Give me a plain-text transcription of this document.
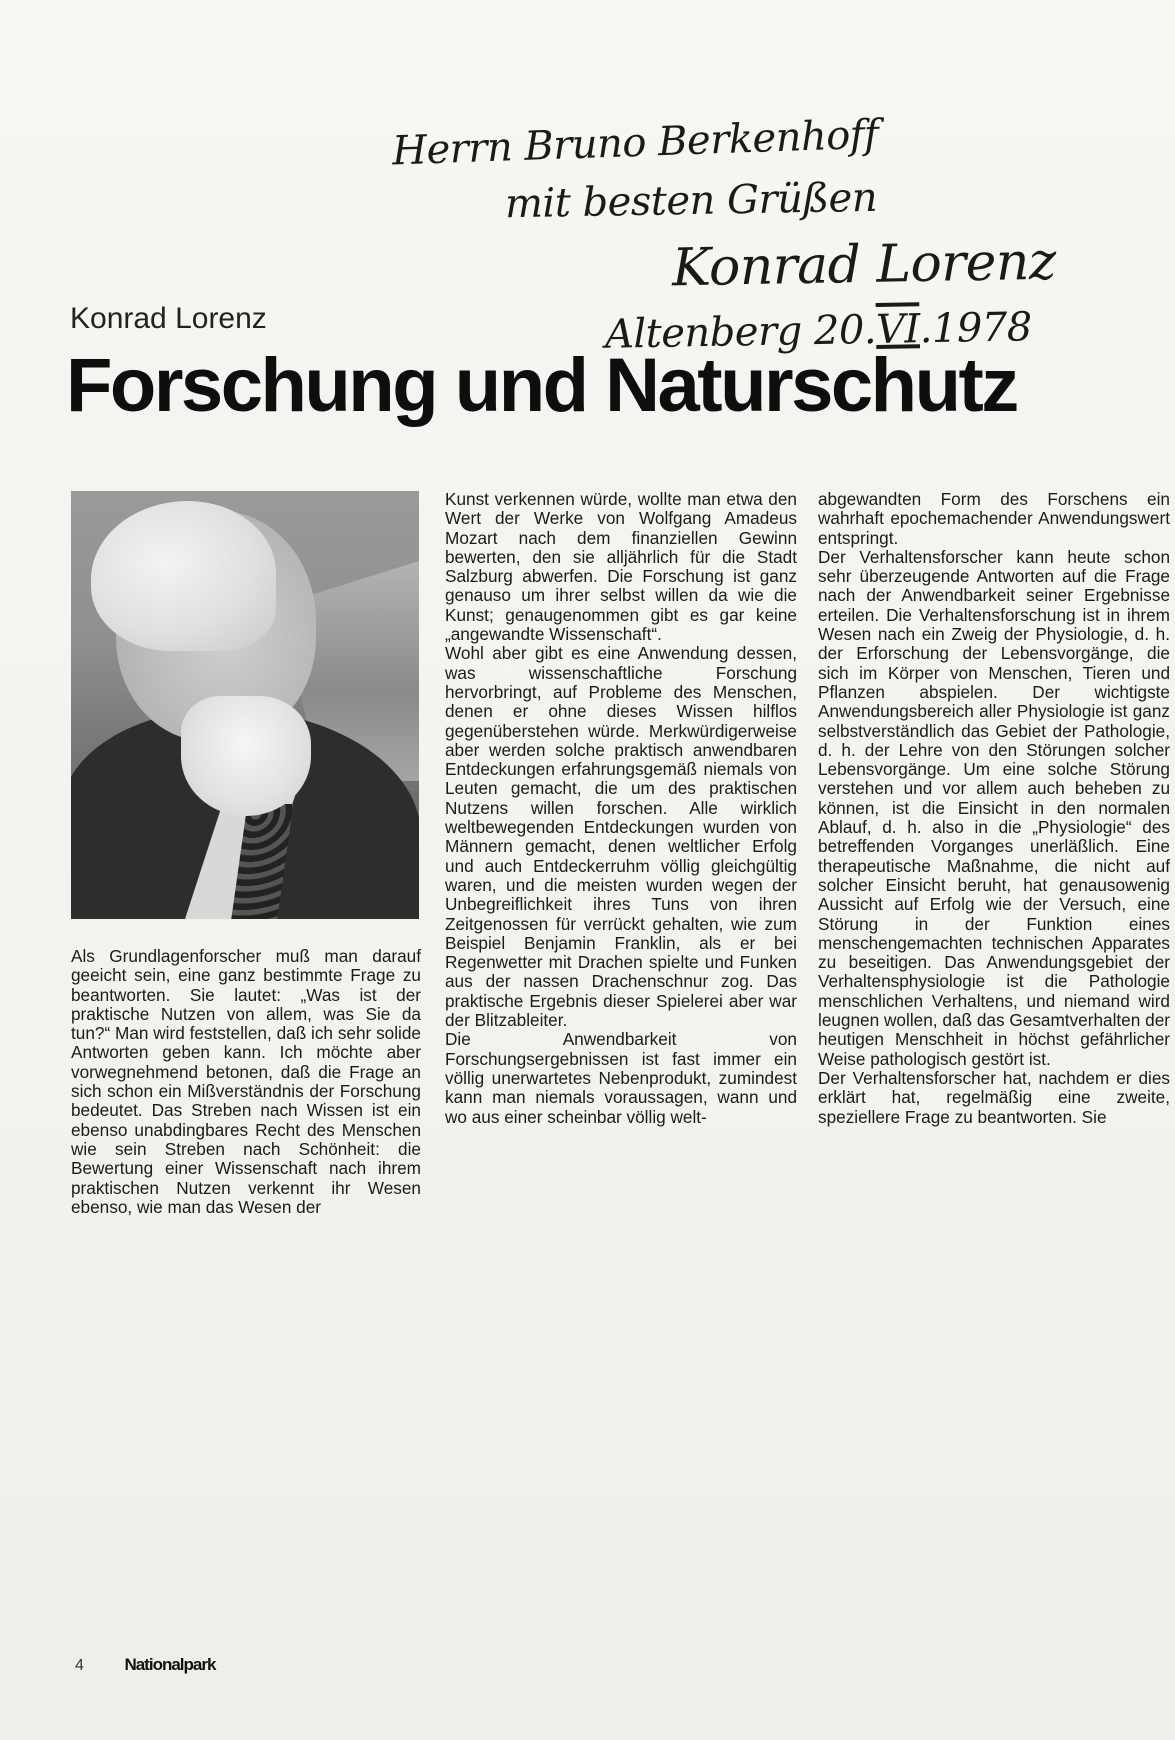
Herrn Bruno Berkenhoff
mit besten Grüßen
Konrad Lorenz
Altenberg 20.VI.1978
Konrad Lorenz
Forschung und Naturschutz

Als Grundlagenforscher muß man darauf geeicht sein, eine ganz bestimmte Frage zu beantworten. Sie lautet: „Was ist der praktische Nutzen von allem, was Sie da tun?“ Man wird feststellen, daß ich sehr solide Antworten geben kann. Ich möchte aber vorwegnehmend betonen, daß die Frage an sich schon ein Mißverständnis der Forschung bedeutet. Das Streben nach Wissen ist ein ebenso unabdingbares Recht des Menschen wie sein Streben nach Schönheit: die Bewertung einer Wissenschaft nach ihrem praktischen Nutzen verkennt ihr Wesen ebenso, wie man das Wesen der

Kunst verkennen würde, wollte man etwa den Wert der Werke von Wolfgang Amadeus Mozart nach dem finanziellen Gewinn bewerten, den sie alljährlich für die Stadt Salzburg abwerfen. Die Forschung ist ganz genauso um ihrer selbst willen da wie die Kunst; genaugenommen gibt es gar keine „angewandte Wissenschaft“.

Wohl aber gibt es eine Anwendung dessen, was wissenschaftliche Forschung hervorbringt, auf Probleme des Menschen, denen er ohne dieses Wissen hilflos gegenüberstehen würde. Merkwürdigerweise aber werden solche praktisch anwendbaren Entdeckungen erfahrungsgemäß niemals von Leuten gemacht, die um des praktischen Nutzens willen forschen. Alle wirklich weltbewegenden Entdeckungen wurden von Männern gemacht, denen weltlicher Erfolg und auch Entdeckerruhm völlig gleichgültig waren, und die meisten wurden wegen der Unbegreiflichkeit ihres Tuns von ihren Zeitgenossen für verrückt gehalten, wie zum Beispiel Benjamin Franklin, als er bei Regenwetter mit Drachen spielte und Funken aus der nassen Drachenschnur zog. Das praktische Ergebnis dieser Spielerei aber war der Blitzableiter.

Die Anwendbarkeit von Forschungsergebnissen ist fast immer ein völlig unerwartetes Nebenprodukt, zumindest kann man niemals voraussagen, wann und wo aus einer scheinbar völlig welt-

abgewandten Form des Forschens ein wahrhaft epochemachender Anwendungswert entspringt.

Der Verhaltensforscher kann heute schon sehr überzeugende Antworten auf die Frage nach der Anwendbarkeit seiner Ergebnisse erteilen. Die Verhaltensforschung ist in ihrem Wesen nach ein Zweig der Physiologie, d. h. der Erforschung der Lebensvorgänge, die sich im Körper von Menschen, Tieren und Pflanzen abspielen. Der wichtigste Anwendungsbereich aller Physiologie ist ganz selbstverständlich das Gebiet der Pathologie, d. h. der Lehre von den Störungen solcher Lebensvorgänge. Um eine solche Störung verstehen und vor allem auch beheben zu können, ist die Einsicht in den normalen Ablauf, d. h. also in die „Physiologie“ des betreffenden Vorganges unerläßlich. Eine therapeutische Maßnahme, die nicht auf solcher Einsicht beruht, hat genausowenig Aussicht auf Erfolg wie der Versuch, eine Störung in der Funktion eines menschengemachten technischen Apparates zu beseitigen. Das Anwendungsgebiet der Verhaltensphysiologie ist die Pathologie menschlichen Verhaltens, und niemand wird leugnen wollen, daß das Gesamtverhalten der heutigen Menschheit in höchst gefährlicher Weise pathologisch gestört ist.

Der Verhaltensforscher hat, nachdem er dies erklärt hat, regelmäßig eine zweite, speziellere Frage zu beantworten. Sie

4 Nationalpark
